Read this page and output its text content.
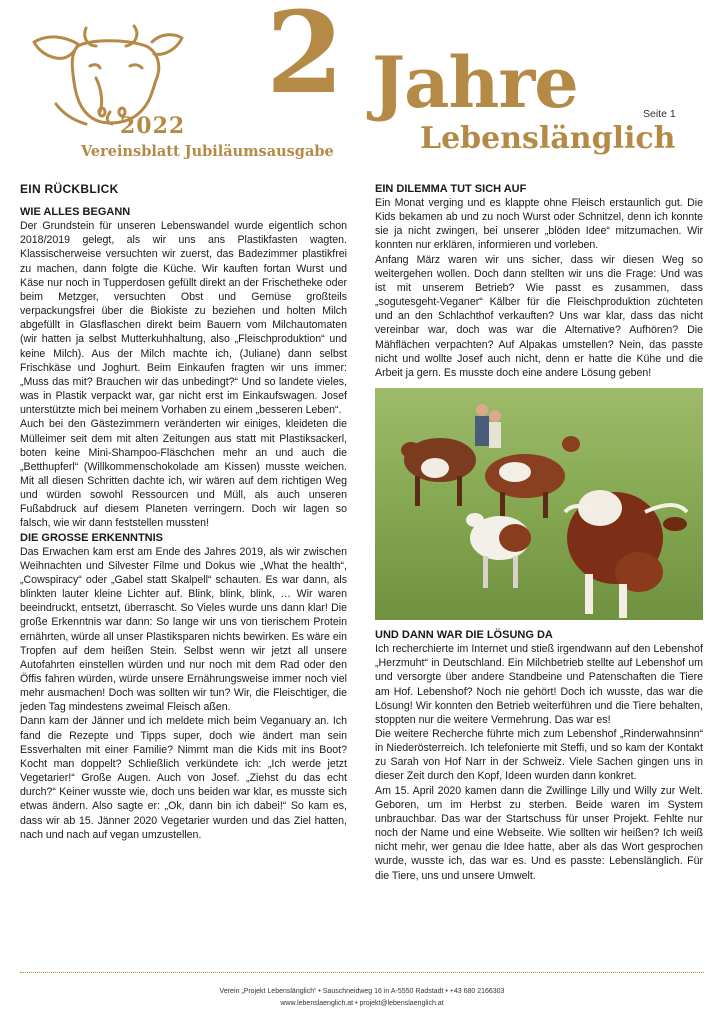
2022
Vereinsblatt Jubiläumsausgabe
2 Jahre	Seite 1
Lebenslänglich
EIN RÜCKBLICK
WIE ALLES BEGANN

Der Grundstein für unseren Lebenswandel wurde eigentlich schon 2018/2019 gelegt, als wir uns ans Plastikfasten wagten. Klassischerweise versuchten wir zuerst, das Badezimmer plastikfrei zu machen, dann folgte die Küche. Wir kauften fortan Wurst und Käse nur noch in Tupperdosen gefüllt direkt an der Frischetheke oder beim Metzger, versuchten Obst und Gemüse großteils verpackungsfrei über die Biokiste zu beziehen und holten Milch abgefüllt in Glasflaschen direkt beim Bauern vom Milchautomaten (wir hatten ja selbst Mutterkuhhaltung, also „Fleischproduktion“ und keine Milch). Aus der Milch machte ich, (Juliane) dann selbst Frischkäse und Joghurt. Beim Einkaufen fragten wir uns immer: „Muss das mit? Brauchen wir das unbedingt?“ Und so landete vieles, was in Plastik verpackt war, gar nicht erst im Einkaufswagen. Josef unterstützte mich bei meinem Vorhaben zu einem „besseren Leben“.

Auch bei den Gästezimmern veränderten wir einiges, kleideten die Mülleimer seit dem mit alten Zeitungen aus statt mit Plastiksackerl, boten keine Mini-Shampoo-Fläschchen mehr an und auch die „Betthupferl“ (Willkommenschokolade am Kissen) musste weichen. Mit all diesen Schritten dachte ich, wir wären auf dem richtigen Weg und würden sowohl Ressourcen und Müll, als auch unseren Fußabdruck auf diesem Planeten verringern. Doch wir lagen so falsch, wie wir dann feststellen mussten!

DIE GROSSE ERKENNTNIS

Das Erwachen kam erst am Ende des Jahres 2019, als wir zwischen Weihnachten und Silvester Filme und Dokus wie „What the health“, „Cowspiracy“ oder „Gabel statt Skalpell“ schauten. Es war dann, als blinkten lauter kleine Lichter auf. Blink, blink, blink, … Wir waren beeindruckt, entsetzt, überrascht. So Vieles wurde uns dann klar! Die große Erkenntnis war dann: So lange wir uns von tierischem Protein ernährten, würde all unser Plastiksparen nichts bewirken. Es wäre ein Tropfen auf dem heißen Stein. Selbst wenn wir jetzt all unsere Autofahrten einstellen würden und nur noch mit dem Rad oder den Öffis fahren würden, würde unsere Ernährungsweise immer noch viel mehr ausmachen! Doch was sollten wir tun? Wir, die Fleischtiger, die jeden Tag mindestens zweimal Fleisch aßen.

Dann kam der Jänner und ich meldete mich beim Veganuary an. Ich fand die Rezepte und Tipps super, doch wie ändert man sein Essverhalten mit einer Familie? Nimmt man die Kids mit ins Boot? Kocht man doppelt? Schließlich verkündete ich: „Ich werde jetzt Vegetarier!“ Große Augen. Auch von Josef. „Ziehst du das echt durch?“ Keiner wusste wie, doch uns beiden war klar, es musste sich etwas ändern. Also sagte er: „Ok, dann bin ich dabei!“ So kam es, dass wir ab 15. Jänner 2020 Vegetarier wurden und das Ziel hatten, nach und nach auf vegan umzustellen.

EIN DILEMMA TUT SICH AUF

Ein Monat verging und es klappte ohne Fleisch erstaunlich gut. Die Kids bekamen ab und zu noch Wurst oder Schnitzel, denn ich konnte sie ja nicht zwingen, bei unserer „blöden Idee“ mitzumachen. Wir konnten nur erklären, informieren und vorleben.

Anfang März waren wir uns sicher, dass wir diesen Weg so weitergehen wollen. Doch dann stellten wir uns die Frage: Und was ist mit unserem Betrieb? Wie passt es zusammen, dass „sogutesgeht-Veganer“ Kälber für die Fleischproduktion züchteten und an den Schlachthof verkauften? Uns war klar, dass das nicht vereinbar war, doch was war die Alternative? Aufhören? Die Mähflächen verpachten? Auf Alpakas umstellen? Nein, das passte nicht und wollte Josef auch nicht, denn er hatte die Kühe und die Arbeit ja gern. Es musste doch eine andere Lösung geben!

UND DANN WAR DIE LÖSUNG DA

Ich recherchierte im Internet und stieß irgendwann auf den Lebenshof „Herzmuht“ in Deutschland. Ein Milchbetrieb stellte auf Lebenshof um und versorgte über andere Standbeine und Patenschaften die Tiere am Hof. Lebenshof? Noch nie gehört! Doch ich wusste, das war die Lösung! Wir konnten den Betrieb weiterführen und die Tiere behalten, stoppten nur die weitere Vermehrung. Das war es!

Die weitere Recherche führte mich zum Lebenshof „Rinderwahnsinn“ in Niederösterreich. Ich telefonierte mit Steffi, und so kam der Kontakt zu Sarah von Hof Narr in der Schweiz. Viele Sachen gingen uns in dieser Zeit durch den Kopf, Ideen wurden dann konkret.

Am 15. April 2020 kamen dann die Zwillinge Lilly und Willy zur Welt. Geboren, um im Herbst zu sterben. Beide waren im System unbrauchbar. Das war der Startschuss für unser Projekt. Fehlte nur noch der Name und eine Webseite. Wie sollten wir heißen? Ich weiß nicht mehr, wer genau die Idee hatte, aber als das Wort gesprochen wurde, wusste ich, das war es. Und es passte: Lebenslänglich. Für die Tiere, uns und unsere Umwelt.

Verein „Projekt Lebenslänglich“ • Sauschneidweg 16 in A-5550 Radstadt • +43 680 2166303
www.lebenslaenglich.at • projekt@lebenslaenglich.at
